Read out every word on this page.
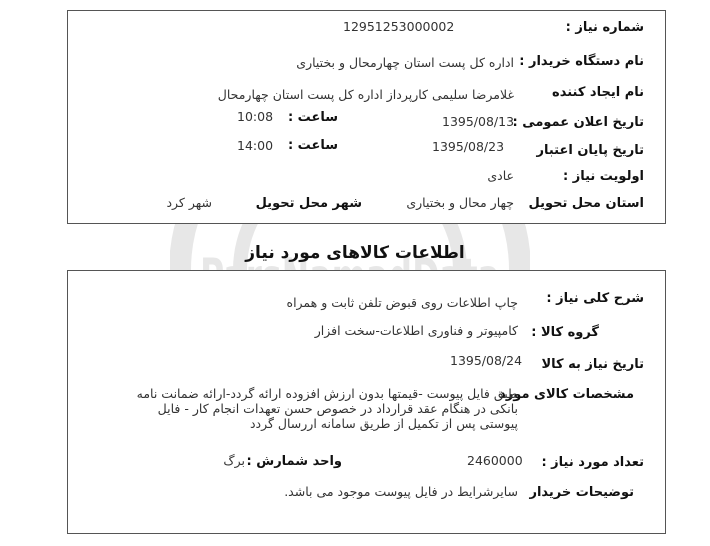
شماره نیاز :
1295125300000‌2
نام دستگاه خریدار :
اداره کل پست استان چهارمحال و بختیاری
نام ایجاد کننده
غلامرضا سلیمی کارپرداز اداره کل پست استان چهارمحال
تاریخ اعلان عمومی :
1395/08/13
ساعت :
10:08
تاریخ پایان اعتبار
1395/08/23
ساعت :
14:00
اولویت نیاز :
عادی
استان محل تحویل
چهار محال و بختیاری
شهر محل تحویل
شهر کرد
اطلاعات کالاهای مورد نیاز
شرح کلی نیاز :
چاپ اطلاعات روی قبوض تلفن ثابت و همراه
گروه کالا :
کامپیوتر و فناوری اطلاعات-سخت افزار
تاریخ نیاز به کالا
1395/08/24
مشخصات کالای مورد
طبق فایل پیوست -قیمتها بدون ارزش افزوده ارائه گردد-ارائه ضمانت نامه بانکی در هنگام عقد قرارداد در خصوص حسن تعهدات انجام کار - فایل پیوستی پس از تکمیل از طریق سامانه اررسال گردد
تعداد مورد نیاز :
2460000
واحد شمارش :
برگ
توضیحات خریدار
سایرشرایط در فایل پیوست موجود می باشد.
